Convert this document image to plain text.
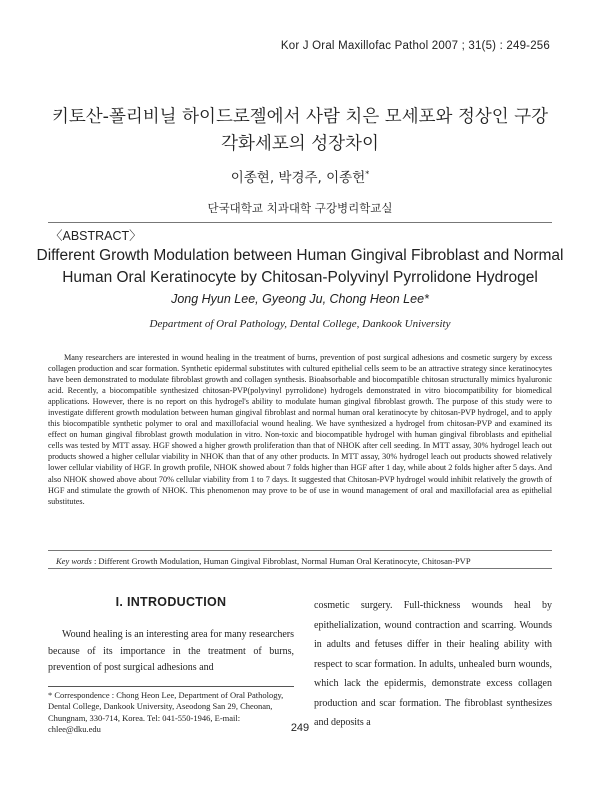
Kor J Oral Maxillofac Pathol 2007 ; 31(5) : 249-256
키토산-폴리비닐 하이드로젤에서 사람 치은 모세포와 정상인 구강
각화세포의 성장차이
이종현, 박경주, 이종헌*
단국대학교 치과대학 구강병리학교실
〈ABSTRACT〉
Different Growth Modulation between Human Gingival Fibroblast and Normal
Human Oral Keratinocyte by Chitosan-Polyvinyl Pyrrolidone Hydrogel
Jong Hyun Lee, Gyeong Ju, Chong Heon Lee*
Department of Oral Pathology, Dental College, Dankook University
Many researchers are interested in wound healing in the treatment of burns, prevention of post surgical adhesions and cosmetic surgery by excess collagen production and scar formation. Synthetic epidermal substitutes with cultured epithelial cells seem to be an attractive strategy since keratinocytes have been demonstrated to modulate fibroblast growth and collagen synthesis. Bioabsorbable and biocompatible chitosan structurally mimics hyaluronic acid. Recently, a biocompatible synthesized chitosan-PVP(polyvinyl pyrrolidone) hydrogels demonstrated in vitro biocompatibility for biomedical applications. However, there is no report on this hydrogel's ability to modulate human gingival fibroblast growth. The purpose of this study were to investigate different growth modulation between human gingival fibroblast and normal human oral keratinocyte by chitosan-PVP hydrogel, and to apply this biocompatible synthetic polymer to oral and maxillofacial wound healing. We have synthesized a hydrogel from chitosan-PVP and examined its effect on human gingival fibroblast growth modulation in vitro. Non-toxic and biocompatible hydrogel with human gingival fibroblasts and epithelial cells was tested by MTT assay. HGF showed a higher growth proliferation than that of NHOK after cell seeding. In MTT assay, 30% hydrogel leach out products showed a higher cellular viability in NHOK than that of any other products. In MTT assay, 30% hydrogel leach out products showed relatively lower cellular viability of HGF. In growth profile, NHOK showed about 7 folds higher than HGF after 1 day, while about 2 folds higher after 5 days. And also NHOK showed above about 70% cellular viability from 1 to 7 days. It suggested that Chitosan-PVP hydrogel would inhibit relatively the growth of HGF and stimulate the growth of NHOK. This phenomenon may prove to be of use in wound management of oral and maxillofacial area as epithelial substitutes.
Key words : Different Growth Modulation, Human Gingival Fibroblast, Normal Human Oral Keratinocyte, Chitosan-PVP
I. INTRODUCTION
Wound healing is an interesting area for many researchers because of its importance in the treatment of burns, prevention of post surgical adhesions and
cosmetic surgery. Full-thickness wounds heal by epithelialization, wound contraction and scarring. Wounds in adults and fetuses differ in their healing ability with respect to scar formation. In adults, unhealed burn wounds, which lack the epidermis, demonstrate excess collagen production and scar formation. The fibroblast synthesizes and deposits a
* Correspondence : Chong Heon Lee, Department of Oral Pathology, Dental College, Dankook University, Aseodong San 29, Cheonan, Chungnam, 330-714, Korea. Tel: 041-550-1946, E-mail: chlee@dku.edu	249
